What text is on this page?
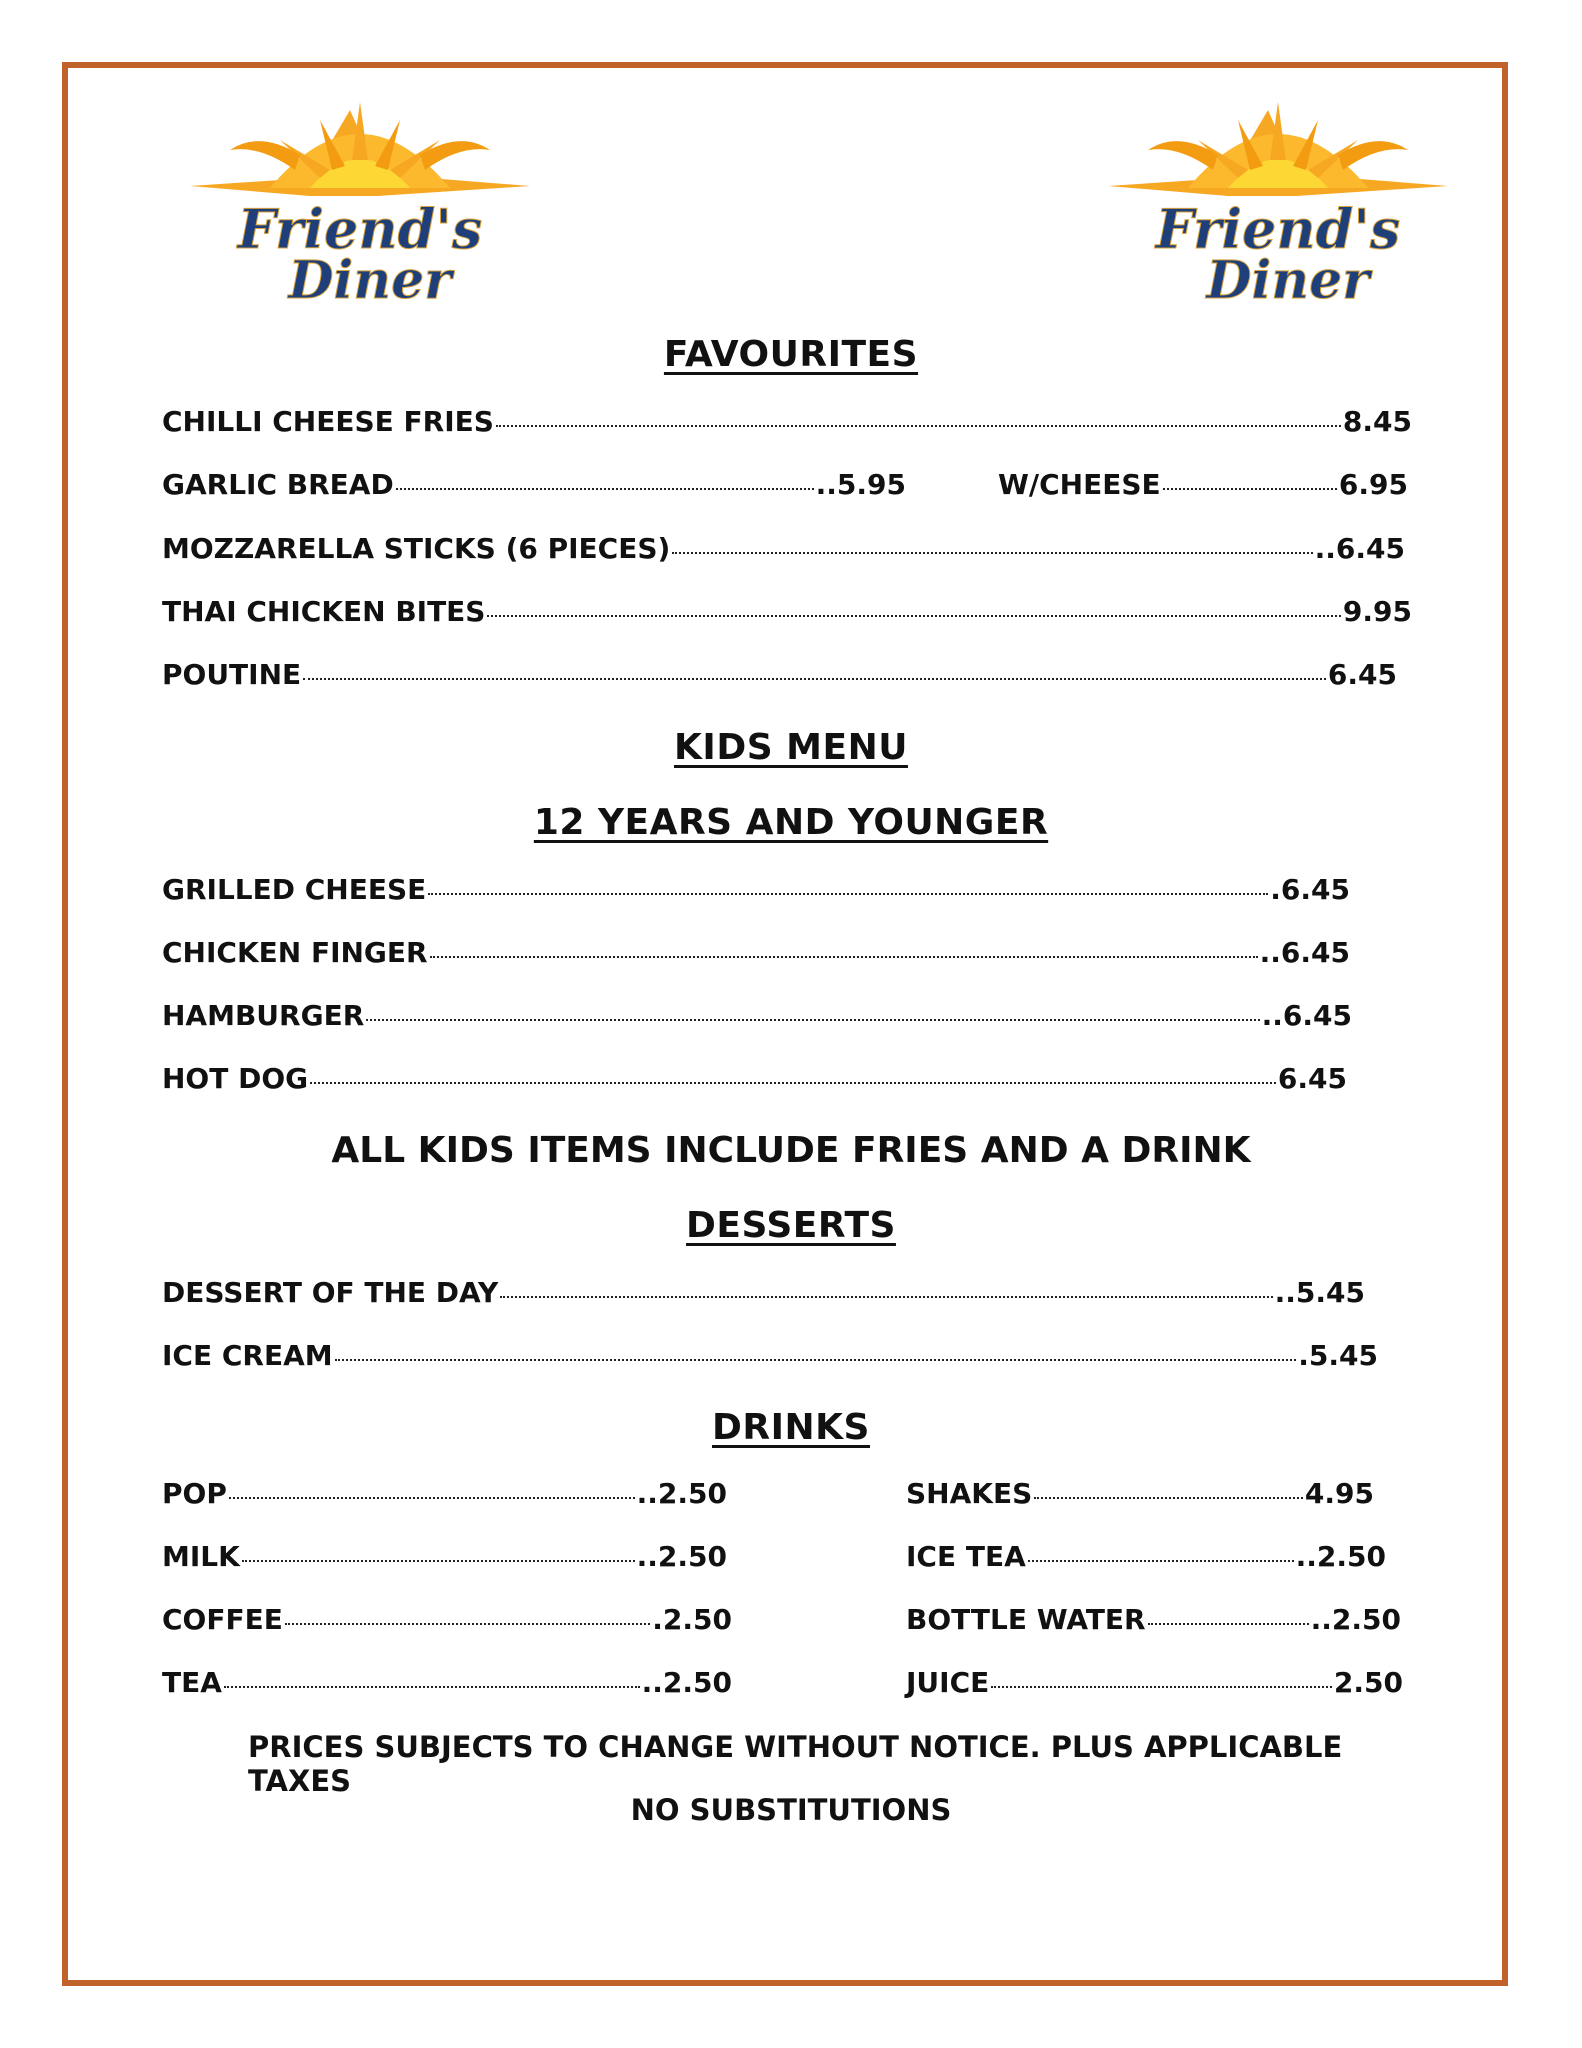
Friend's
Diner
Friend's
Diner
FAVOURITES
CHILLI CHEESE FRIES	8.45
GARLIC BREAD	..5.95	W/CHEESE	6.95
MOZZARELLA STICKS (6 PIECES)	..6.45
THAI CHICKEN BITES	9.95
POUTINE	6.45
KIDS MENU
12 YEARS AND YOUNGER
GRILLED CHEESE	.6.45
CHICKEN FINGER	..6.45
HAMBURGER	..6.45
HOT DOG	6.45
ALL KIDS ITEMS INCLUDE FRIES AND A DRINK
DESSERTS
DESSERT OF THE DAY	..5.45
ICE CREAM	.5.45
DRINKS
POP	..2.50
MILK	..2.50
COFFEE	.2.50
TEA	..2.50
SHAKES	4.95
ICE TEA	..2.50
BOTTLE WATER	..2.50
JUICE	2.50
PRICES SUBJECTS TO CHANGE WITHOUT NOTICE. PLUS APPLICABLE TAXES
NO SUBSTITUTIONS
